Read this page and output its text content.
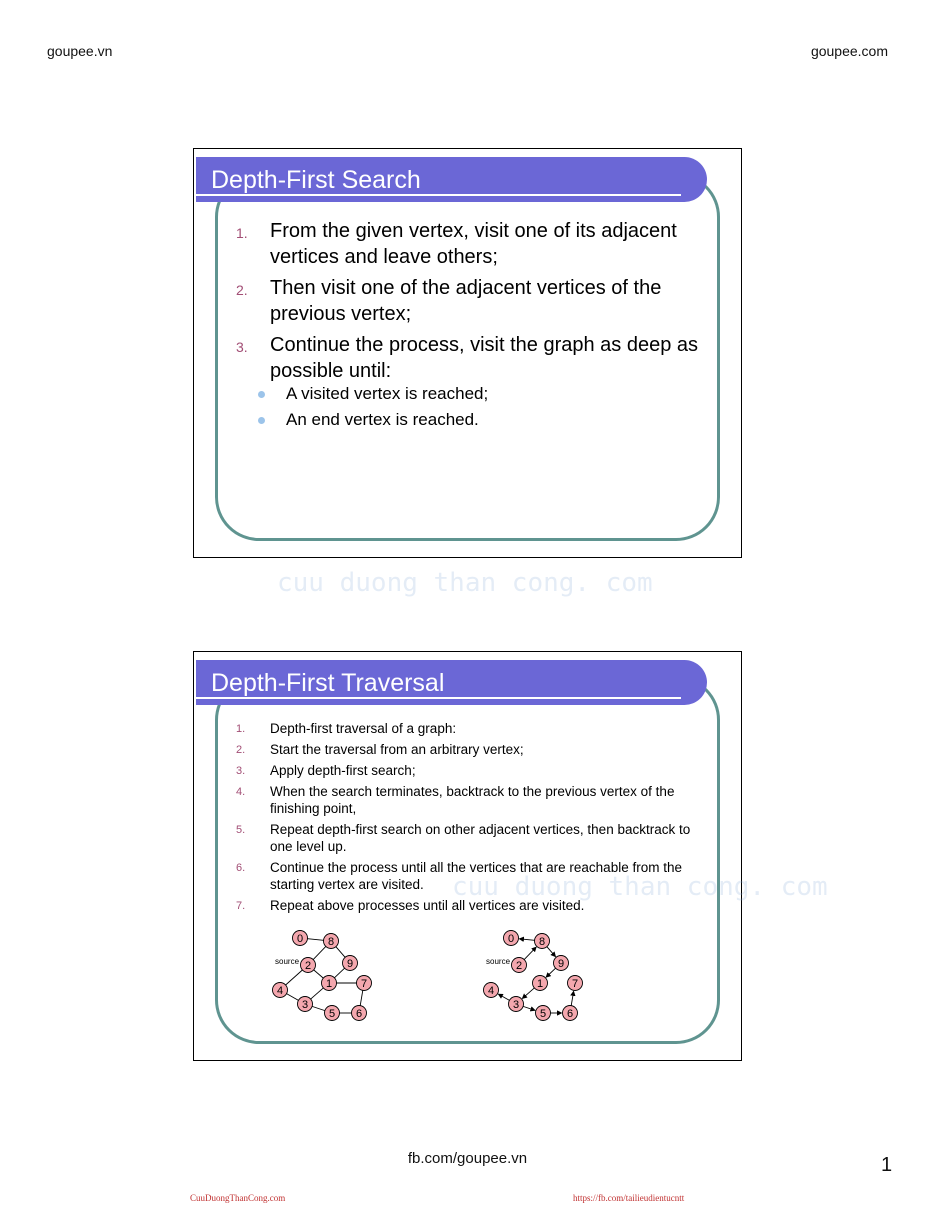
goupee.vn	goupee.com
Depth-First Search
1. From the given vertex, visit one of its adjacent vertices and leave others;
2. Then visit one of the adjacent vertices of the previous vertex;
3. Continue the process, visit the graph as deep as possible until:
A visited vertex is reached;
An end vertex is reached.
cuu duong than cong. com
Depth-First Traversal
1. Depth-first traversal of a graph:
2. Start the traversal from an arbitrary vertex;
3. Apply depth-first search;
4. When the search terminates, backtrack to the previous vertex of the finishing point,
5. Repeat depth-first search on other adjacent vertices, then backtrack to one level up.
6. Continue the process until all the vertices that are reachable from the starting vertex are visited.
7. Repeat above processes until all vertices are visited.
0 8
2	9
1	7
4
3
5 6
source
0 8
2	9
1	7
4
3
5 6
source
cuu duong than cong. com
fb.com/goupee.vn	1
CuuDuongThanCong.com	https://fb.com/tailieudientucntt
